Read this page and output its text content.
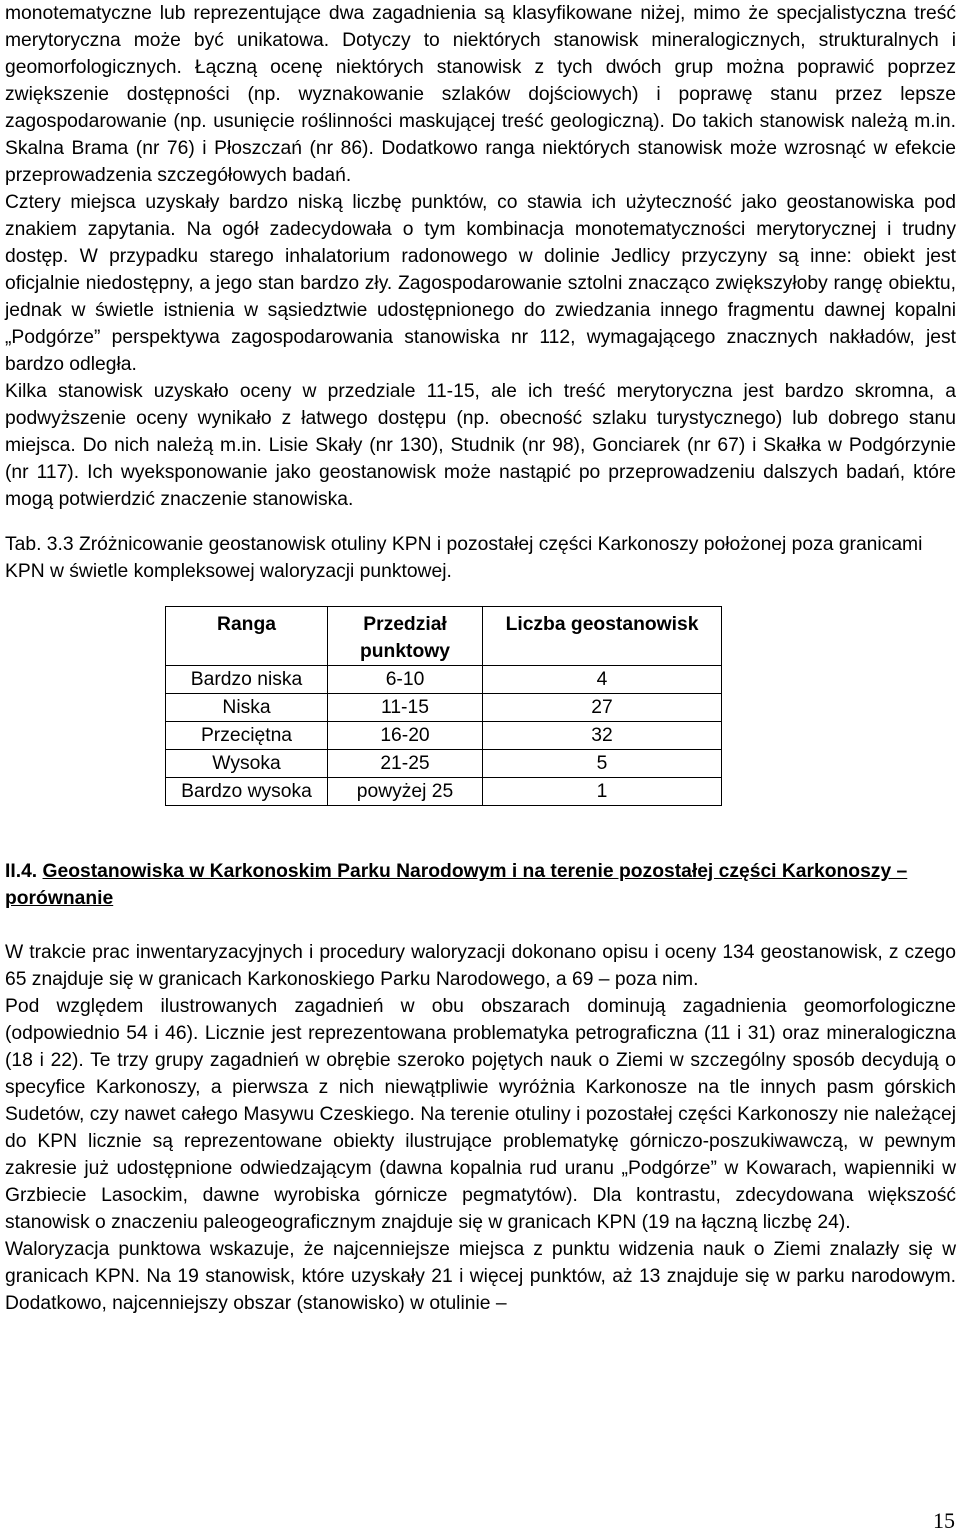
monotematyczne lub reprezentujące dwa zagadnienia są klasyfikowane niżej, mimo że specjalistyczna treść merytoryczna może być unikatowa. Dotyczy to niektórych stanowisk mineralogicznych, strukturalnych i geomorfologicznych. Łączną ocenę niektórych stanowisk z tych dwóch grup można poprawić poprzez zwiększenie dostępności (np. wyznakowanie szlaków dojściowych) i poprawę stanu przez lepsze zagospodarowanie (np. usunięcie roślinności maskującej treść geologiczną). Do takich stanowisk należą m.in. Skalna Brama (nr 76) i Płoszczań (nr 86). Dodatkowo ranga niektórych stanowisk może wzrosnąć w efekcie przeprowadzenia szczegółowych badań.

Cztery miejsca uzyskały bardzo niską liczbę punktów, co stawia ich użyteczność jako geostanowiska pod znakiem zapytania. Na ogół zadecydowała o tym kombinacja monotematyczności merytorycznej i trudny dostęp. W przypadku starego inhalatorium radonowego w dolinie Jedlicy przyczyny są inne: obiekt jest oficjalnie niedostępny, a jego stan bardzo zły. Zagospodarowanie sztolni znacząco zwiększyłoby rangę obiektu, jednak w świetle istnienia w sąsiedztwie udostępnionego do zwiedzania innego fragmentu dawnej kopalni „Podgórze” perspektywa zagospodarowania stanowiska nr 112, wymagającego znacznych nakładów, jest bardzo odległa.

Kilka stanowisk uzyskało oceny w przedziale 11-15, ale ich treść merytoryczna jest bardzo skromna, a podwyższenie oceny wynikało z łatwego dostępu (np. obecność szlaku turystycznego) lub dobrego stanu miejsca. Do nich należą m.in. Lisie Skały (nr 130), Studnik (nr 98), Gonciarek (nr 67) i Skałka w Podgórzynie (nr 117). Ich wyeksponowanie jako geostanowisk może nastąpić po przeprowadzeniu dalszych badań, które mogą potwierdzić znaczenie stanowiska.

Tab. 3.3 Zróżnicowanie geostanowisk otuliny KPN i pozostałej części Karkonoszy położonej poza granicami KPN w świetle kompleksowej waloryzacji punktowej.

Ranga	Przedział punktowy	Liczba geostanowisk

Bardzo niska	6-10	4
Niska	11-15	27
Przeciętna	16-20	32
Wysoka	21-25	5
Bardzo wysoka	powyżej 25	1

II.4. Geostanowiska w Karkonoskim Parku Narodowym i na terenie pozostałej części Karkonoszy – porównanie

W trakcie prac inwentaryzacyjnych i procedury waloryzacji dokonano opisu i oceny 134 geostanowisk, z czego 65 znajduje się w granicach Karkonoskiego Parku Narodowego, a 69 – poza nim.

Pod względem ilustrowanych zagadnień w obu obszarach dominują zagadnienia geomorfologiczne (odpowiednio 54 i 46). Licznie jest reprezentowana problematyka petrograficzna (11 i 31) oraz mineralogiczna (18 i 22). Te trzy grupy zagadnień w obrębie szeroko pojętych nauk o Ziemi w szczególny sposób decydują o specyfice Karkonoszy, a pierwsza z nich niewątpliwie wyróżnia Karkonosze na tle innych pasm górskich Sudetów, czy nawet całego Masywu Czeskiego. Na terenie otuliny i pozostałej części Karkonoszy nie należącej do KPN licznie są reprezentowane obiekty ilustrujące problematykę górniczo-poszukiwawczą, w pewnym zakresie już udostępnione odwiedzającym (dawna kopalnia rud uranu „Podgórze” w Kowarach, wapienniki w Grzbiecie Lasockim, dawne wyrobiska górnicze pegmatytów). Dla kontrastu, zdecydowana większość stanowisk o znaczeniu paleogeograficznym znajduje się w granicach KPN (19 na łączną liczbę 24).

Waloryzacja punktowa wskazuje, że najcenniejsze miejsca z punktu widzenia nauk o Ziemi znalazły się w granicach KPN. Na 19 stanowisk, które uzyskały 21 i więcej punktów, aż 13 znajduje się w parku narodowym. Dodatkowo, najcenniejszy obszar (stanowisko) w otulinie –

15
